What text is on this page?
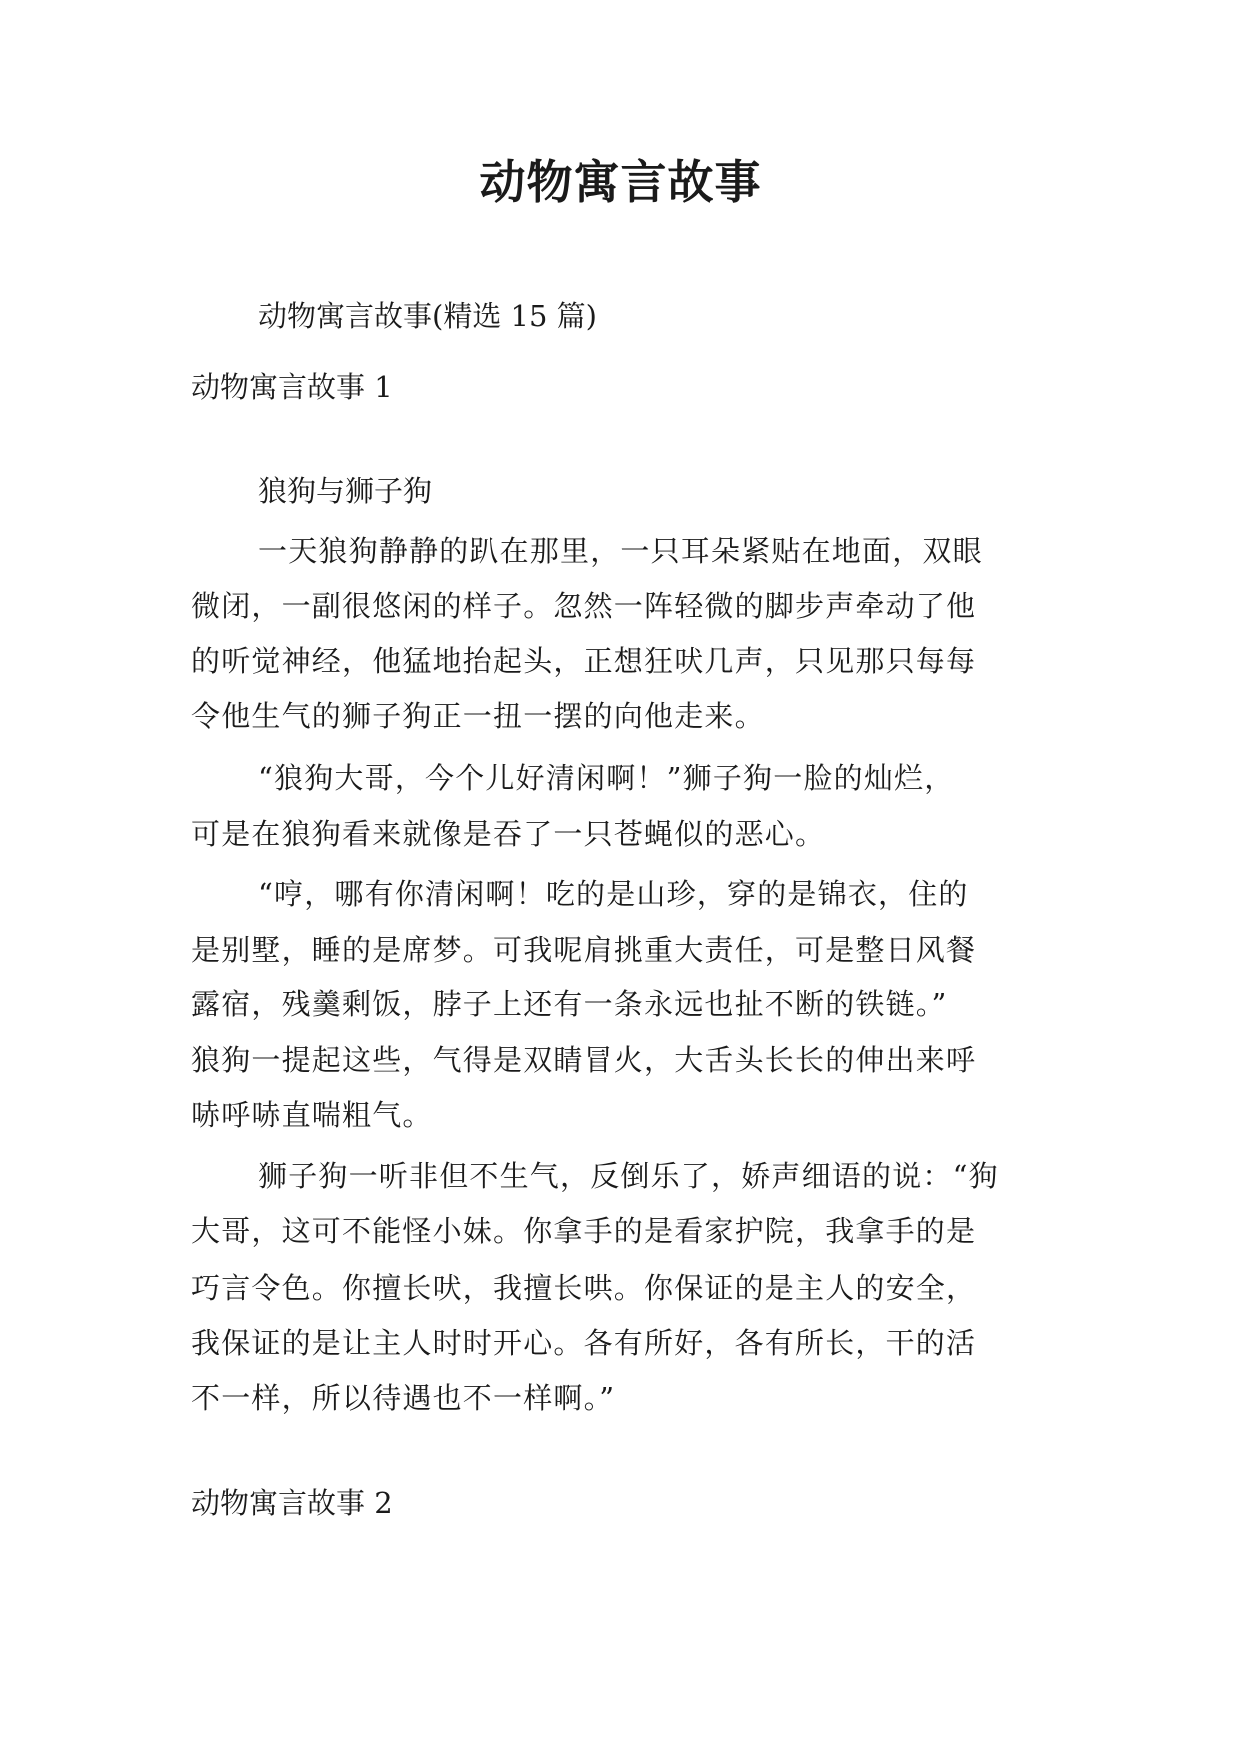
动物寓言故事

动物寓言故事(精选 15 篇)

动物寓言故事 1

狼狗与狮子狗

一天狼狗静静的趴在那里，一只耳朵紧贴在地面，双眼

微闭，一副很悠闲的样子。忽然一阵轻微的脚步声牵动了他

的听觉神经，他猛地抬起头，正想狂吠几声，只见那只每每

令他生气的狮子狗正一扭一摆的向他走来。

“狼狗大哥，今个儿好清闲啊！”狮子狗一脸的灿烂，

可是在狼狗看来就像是吞了一只苍蝇似的恶心。

“哼，哪有你清闲啊！吃的是山珍，穿的是锦衣，住的

是别墅，睡的是席梦。可我呢肩挑重大责任，可是整日风餐

露宿，残羹剩饭，脖子上还有一条永远也扯不断的铁链。”

狼狗一提起这些，气得是双睛冒火，大舌头长长的伸出来呼

哧呼哧直喘粗气。

狮子狗一听非但不生气，反倒乐了，娇声细语的说：“狗

大哥，这可不能怪小妹。你拿手的是看家护院，我拿手的是

巧言令色。你擅长吠，我擅长哄。你保证的是主人的安全，

我保证的是让主人时时开心。各有所好，各有所长，干的活

不一样，所以待遇也不一样啊。”

动物寓言故事 2
